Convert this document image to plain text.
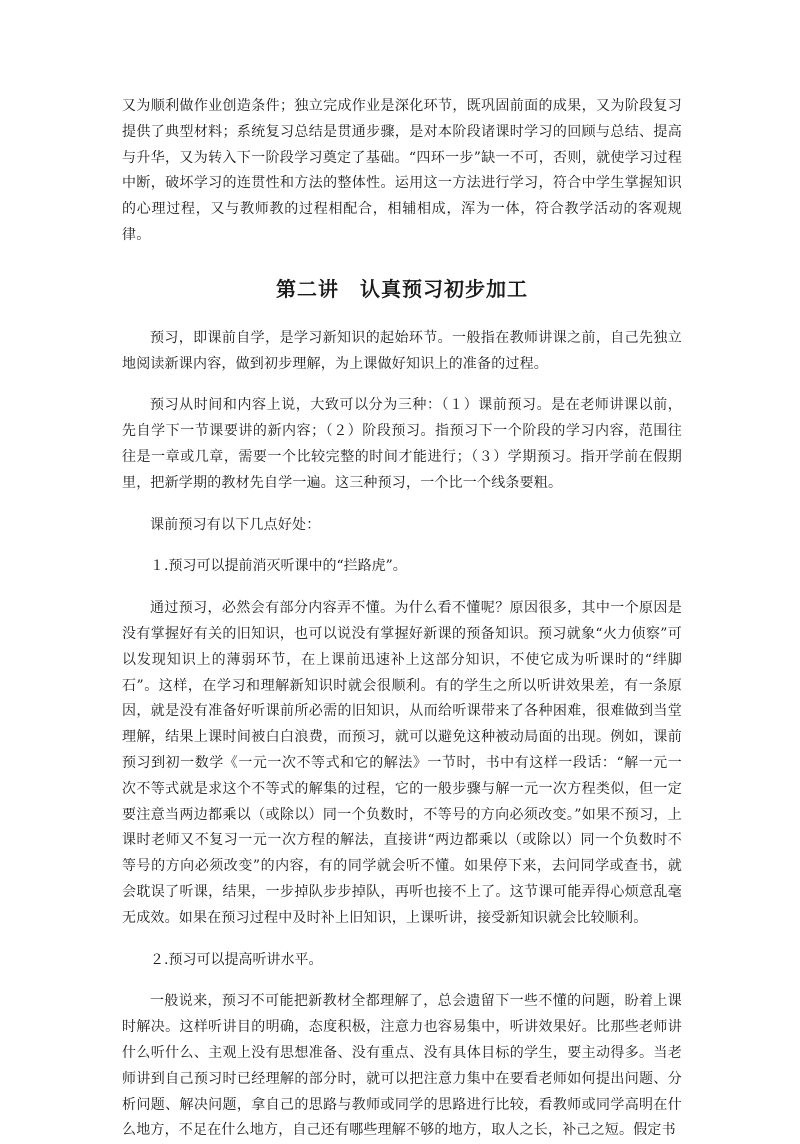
又为顺利做作业创造条件；独立完成作业是深化环节，既巩固前面的成果，又为阶段复习提供了典型材料；系统复习总结是贯通步骤，是对本阶段诸课时学习的回顾与总结、提高与升华，又为转入下一阶段学习奠定了基础。“四环一步”缺一不可，否则，就使学习过程中断，破坏学习的连贯性和方法的整体性。运用这一方法进行学习，符合中学生掌握知识的心理过程，又与教师教的过程相配合，相辅相成，浑为一体，符合教学活动的客观规律。

第二讲　认真预习初步加工

预习，即课前自学，是学习新知识的起始环节。一般指在教师讲课之前，自己先独立地阅读新课内容，做到初步理解，为上课做好知识上的准备的过程。

预习从时间和内容上说，大致可以分为三种：（１）课前预习。是在老师讲课以前，先自学下一节课要讲的新内容；（２）阶段预习。指预习下一个阶段的学习内容，范围往往是一章或几章，需要一个比较完整的时间才能进行；（３）学期预习。指开学前在假期里，把新学期的教材先自学一遍。这三种预习，一个比一个线条要粗。

课前预习有以下几点好处：

１.预习可以提前消灭听课中的“拦路虎”。

通过预习，必然会有部分内容弄不懂。为什么看不懂呢？原因很多，其中一个原因是没有掌握好有关的旧知识，也可以说没有掌握好新课的预备知识。预习就象“火力侦察”可以发现知识上的薄弱环节，在上课前迅速补上这部分知识，不使它成为听课时的“绊脚石”。这样，在学习和理解新知识时就会很顺利。有的学生之所以听讲效果差，有一条原因，就是没有准备好听课前所必需的旧知识，从而给听课带来了各种困难，很难做到当堂理解，结果上课时间被白白浪费，而预习，就可以避免这种被动局面的出现。例如，课前预习到初一数学《一元一次不等式和它的解法》一节时，书中有这样一段话：“解一元一次不等式就是求这个不等式的解集的过程，它的一般步骤与解一元一次方程类似，但一定要注意当两边都乘以（或除以）同一个负数时，不等号的方向必须改变。”如果不预习，上课时老师又不复习一元一次方程的解法，直接讲“两边都乘以（或除以）同一个负数时不等号的方向必须改变”的内容，有的同学就会听不懂。如果停下来，去问同学或查书，就会耽误了听课，结果，一步掉队步步掉队，再听也接不上了。这节课可能弄得心烦意乱毫无成效。如果在预习过程中及时补上旧知识，上课听讲，接受新知识就会比较顺利。

２.预习可以提高听讲水平。

一般说来，预习不可能把新教材全都理解了，总会遗留下一些不懂的问题，盼着上课时解决。这样听讲目的明确，态度积极，注意力也容易集中，听讲效果好。比那些老师讲什么听什么、主观上没有思想准备、没有重点、没有具体目标的学生，要主动得多。当老师讲到自己预习时已经理解的部分时，就可以把注意力集中在要看老师如何提出问题、分析问题、解决问题，拿自己的思路与教师或同学的思路进行比较，看教师或同学高明在什么地方，不足在什么地方，自己还有哪些理解不够的地方，取人之长，补己之短。假定书
